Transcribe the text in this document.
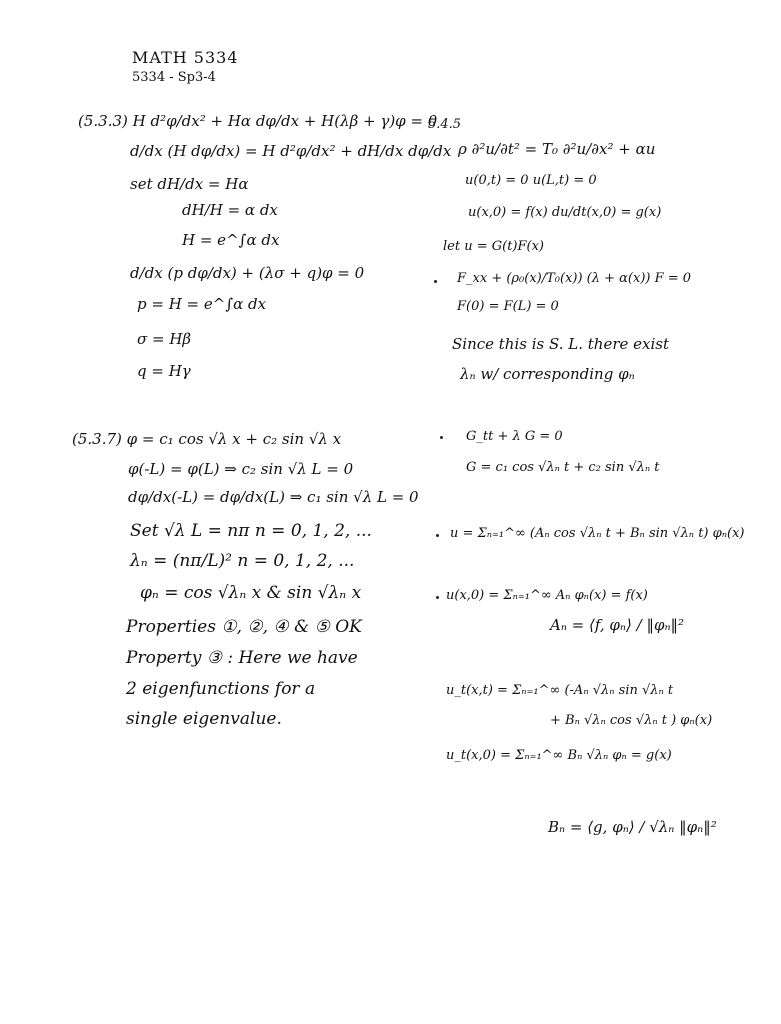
MATH 5334
5334 - Sp3-4
(5.3.3) H d²φ/dx² + Hα dφ/dx + H(λβ + γ)φ = 0
d/dx (H dφ/dx) = H d²φ/dx² + dH/dx dφ/dx
set dH/dx = Hα
dH/H = α dx
H = e^∫α dx
d/dx (p dφ/dx) + (λσ + q)φ = 0
p = H = e^∫α dx
σ = Hβ
q = Hγ
(5.3.7) φ = c₁ cos √λ x + c₂ sin √λ x
φ(-L) = φ(L) ⇒ c₂ sin √λ L = 0
dφ/dx(-L) = dφ/dx(L) ⇒ c₁ sin √λ L = 0
Set √λ L = nπ n = 0, 1, 2, ...
λₙ = (nπ/L)² n = 0, 1, 2, ...
φₙ = cos √λₙ x & sin √λₙ x
Properties ①, ②, ④ & ⑤ OK
Property ③ : Here we have
2 eigenfunctions for a
single eigenvalue.
5.4.5
ρ ∂²u/∂t² = T₀ ∂²u/∂x² + αu
u(0,t) = 0 u(L,t) = 0
u(x,0) = f(x) du/dt(x,0) = g(x)
let u = G(t)F(x)
F_xx + (ρ₀(x)/T₀(x)) (λ + α(x)) F = 0
F(0) = F(L) = 0
Since this is S. L. there exist
λₙ w/ corresponding φₙ
G_tt + λ G = 0
G = c₁ cos √λₙ t + c₂ sin √λₙ t
u = Σₙ₌₁^∞ (Aₙ cos √λₙ t + Bₙ sin √λₙ t) φₙ(x)
u(x,0) = Σₙ₌₁^∞ Aₙ φₙ(x) = f(x)
Aₙ = ⟨f, φₙ⟩ / ‖φₙ‖²
u_t(x,t) = Σₙ₌₁^∞ (-Aₙ √λₙ sin √λₙ t
+ Bₙ √λₙ cos √λₙ t ) φₙ(x)
u_t(x,0) = Σₙ₌₁^∞ Bₙ √λₙ φₙ = g(x)
Bₙ = ⟨g, φₙ⟩ / √λₙ ‖φₙ‖²
